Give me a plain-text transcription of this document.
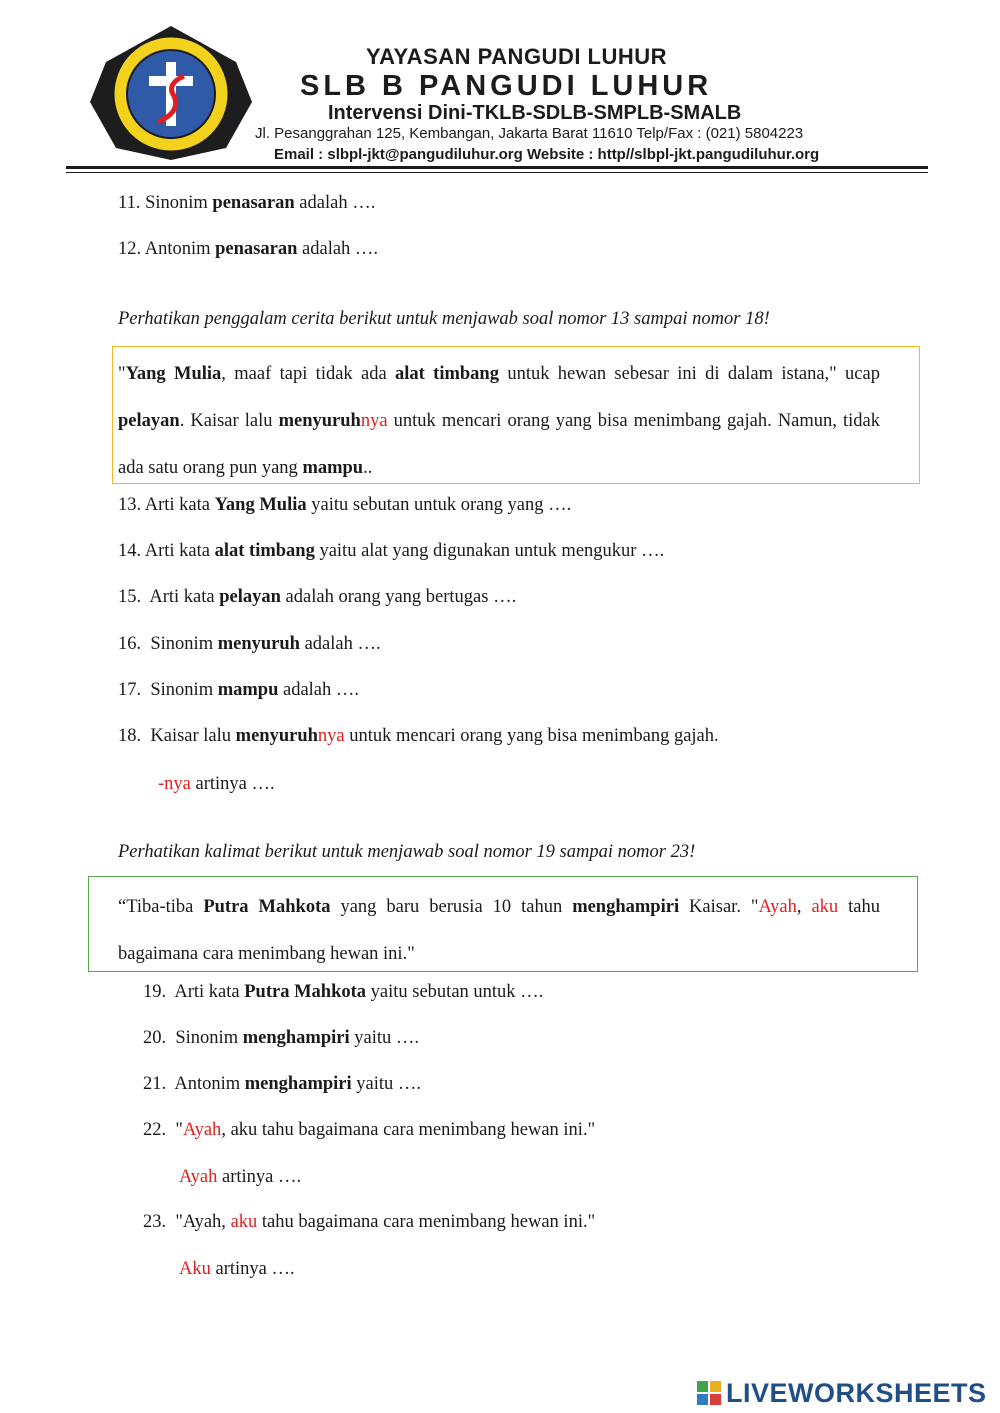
YAYASAN PANGUDI LUHUR
SLB B PANGUDI LUHUR
Intervensi Dini-TKLB-SDLB-SMPLB-SMALB
Jl. Pesanggrahan 125, Kembangan, Jakarta Barat 11610 Telp/Fax : (021) 5804223
Email : slbpl-jkt@pangudiluhur.org Website : http//slbpl-jkt.pangudiluhur.org
11. Sinonim penasaran adalah ….
12. Antonim penasaran adalah ….
Perhatikan penggalam cerita berikut untuk menjawab soal nomor 13 sampai nomor 18!
"Yang Mulia, maaf tapi tidak ada alat timbang untuk hewan sebesar ini di dalam istana," ucap pelayan. Kaisar lalu menyuruhnya untuk mencari orang yang bisa menimbang gajah. Namun, tidak ada satu orang pun yang mampu..
13. Arti kata Yang Mulia yaitu sebutan untuk orang yang ….
14. Arti kata alat timbang yaitu alat yang digunakan untuk mengukur ….
15. Arti kata pelayan adalah orang yang bertugas ….
16. Sinonim menyuruh adalah ….
17. Sinonim mampu adalah ….
18. Kaisar lalu menyuruhnya untuk mencari orang yang bisa menimbang gajah.
-nya artinya ….
Perhatikan kalimat berikut untuk menjawab soal nomor 19 sampai nomor 23!
“Tiba-tiba Putra Mahkota yang baru berusia 10 tahun menghampiri Kaisar. "Ayah, aku tahu bagaimana cara menimbang hewan ini."
19. Arti kata Putra Mahkota yaitu sebutan untuk ….
20. Sinonim menghampiri yaitu ….
21. Antonim menghampiri yaitu ….
22. "Ayah, aku tahu bagaimana cara menimbang hewan ini."
Ayah artinya ….
23. "Ayah, aku tahu bagaimana cara menimbang hewan ini."
Aku artinya ….
LIVEWORKSHEETS
